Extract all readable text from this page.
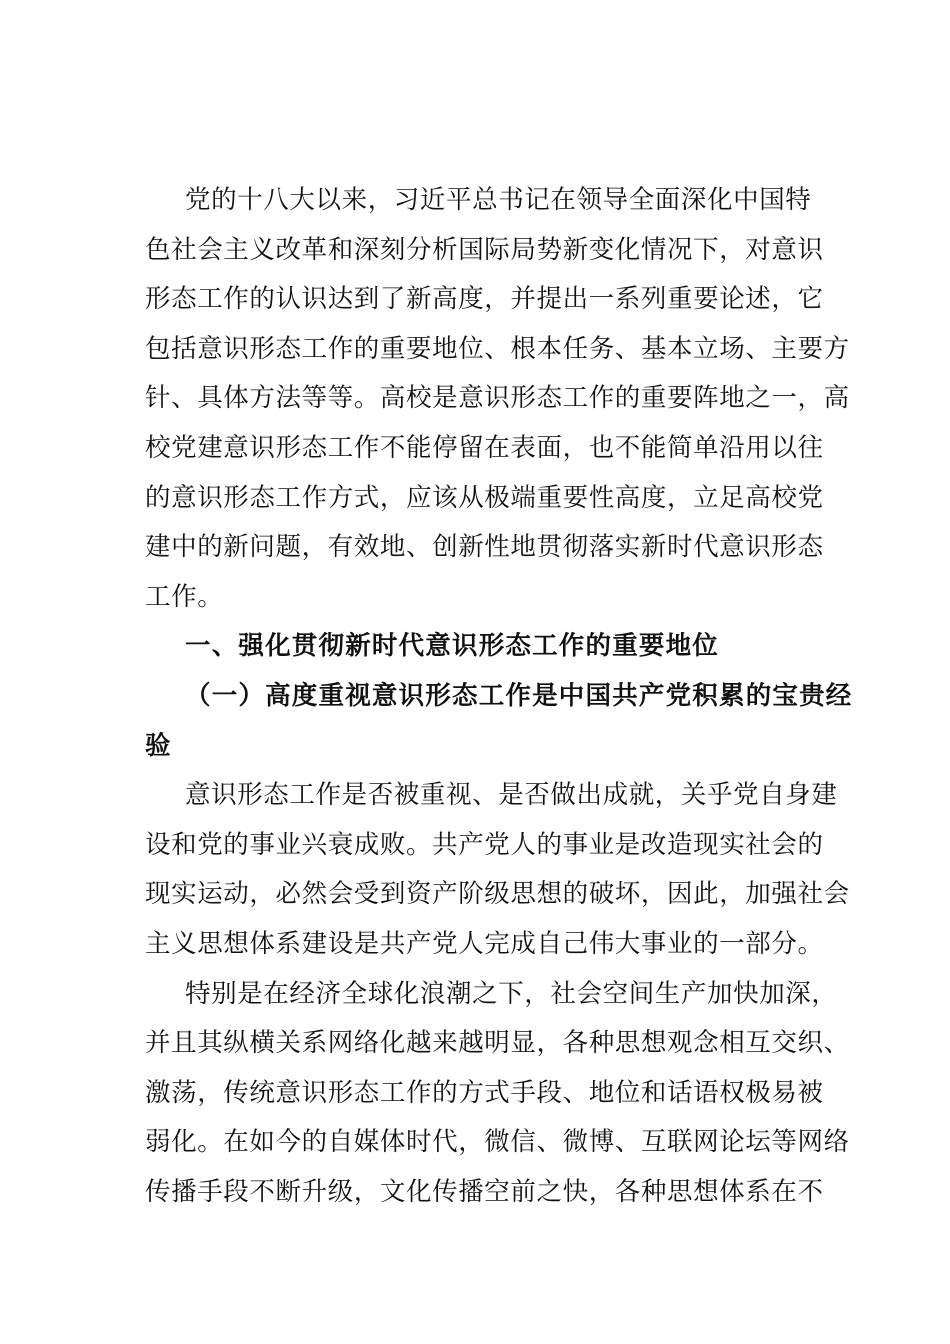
党的十八大以来，习近平总书记在领导全面深化中国特
色社会主义改革和深刻分析国际局势新变化情况下，对意识
形态工作的认识达到了新高度，并提出一系列重要论述，它
包括意识形态工作的重要地位、根本任务、基本立场、主要方
针、具体方法等等。高校是意识形态工作的重要阵地之一，高
校党建意识形态工作不能停留在表面，也不能简单沿用以往
的意识形态工作方式，应该从极端重要性高度，立足高校党
建中的新问题，有效地、创新性地贯彻落实新时代意识形态
工作。

一、强化贯彻新时代意识形态工作的重要地位

（一）高度重视意识形态工作是中国共产党积累的宝贵经
验

意识形态工作是否被重视、是否做出成就，关乎党自身建
设和党的事业兴衰成败。共产党人的事业是改造现实社会的
现实运动，必然会受到资产阶级思想的破坏，因此，加强社会
主义思想体系建设是共产党人完成自己伟大事业的一部分。

特别是在经济全球化浪潮之下，社会空间生产加快加深，
并且其纵横关系网络化越来越明显，各种思想观念相互交织、
激荡，传统意识形态工作的方式手段、地位和话语权极易被
弱化。在如今的自媒体时代，微信、微博、互联网论坛等网络
传播手段不断升级，文化传播空前之快，各种思想体系在不
